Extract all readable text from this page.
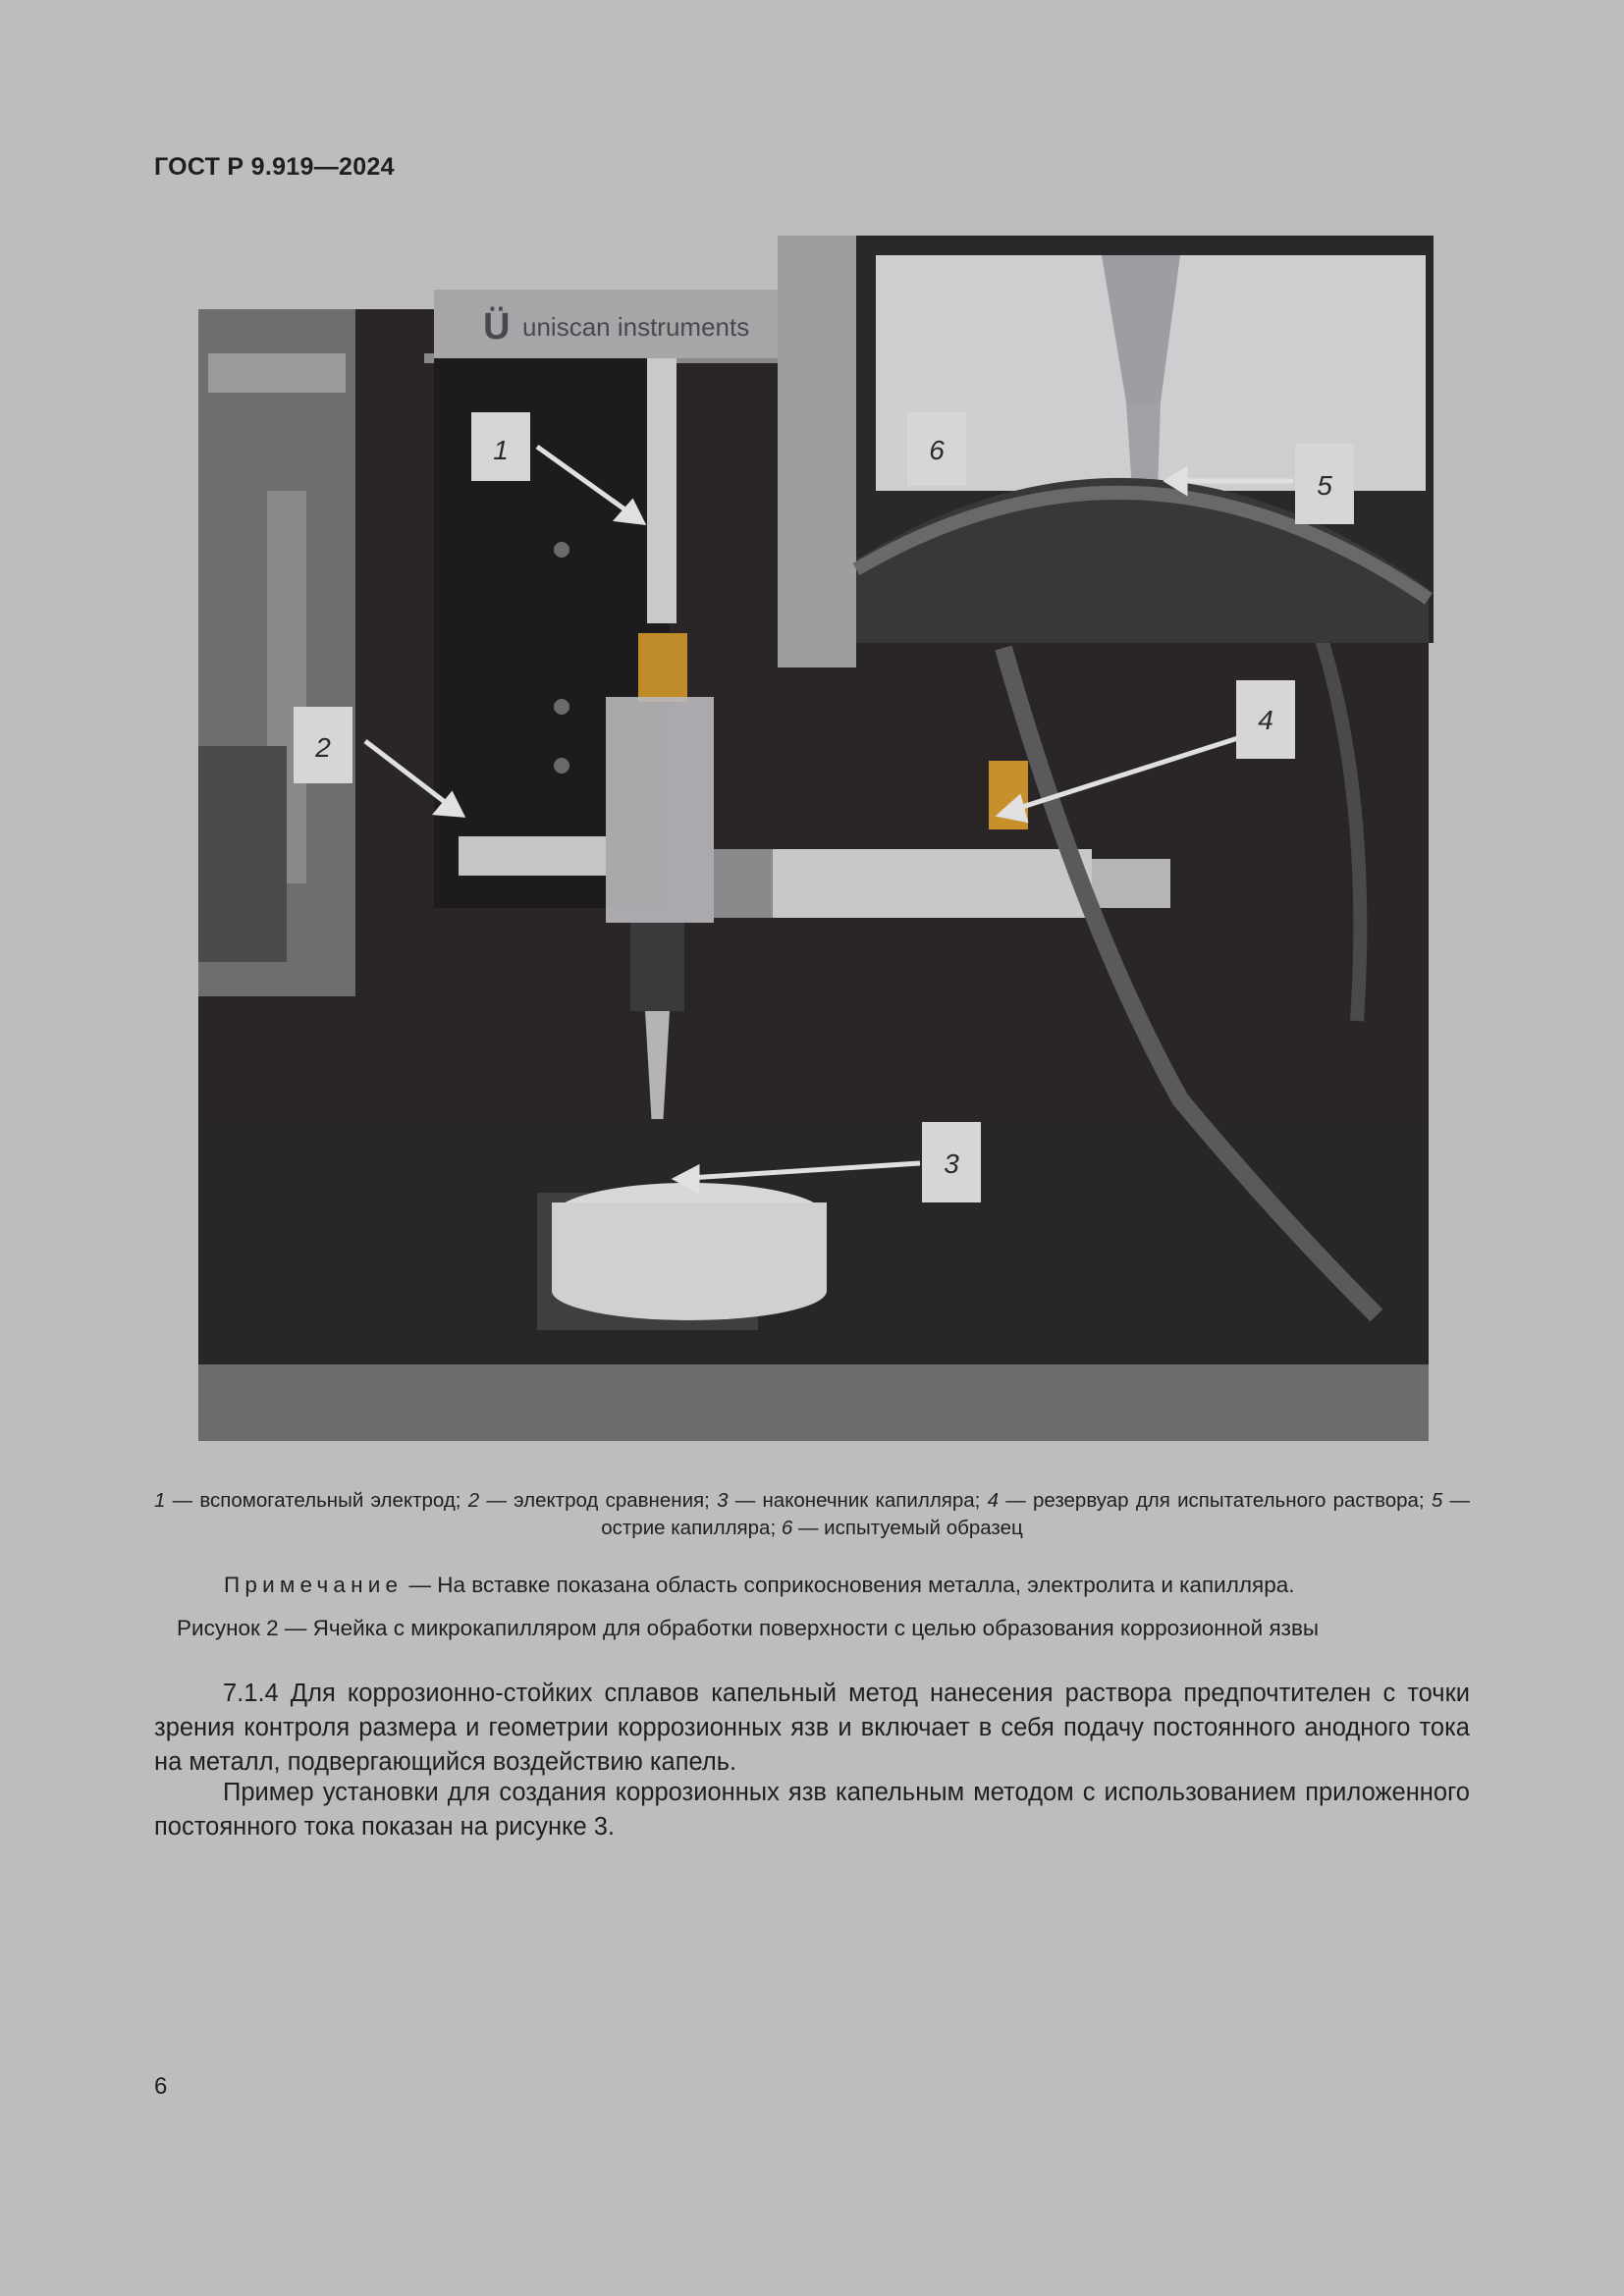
ГОСТ Р 9.919—2024
Ü uniscan instruments
1
2
3
4
5
6
1 — вспомогательный электрод; 2 — электрод сравнения; 3 — наконечник капилляра; 4 — резервуар для испытательного раствора; 5 — острие капилляра; 6 — испытуемый образец
Примечание — На вставке показана область соприкосновения металла, электролита и капилляра.
Рисунок 2 — Ячейка с микрокапилляром для обработки поверхности с целью образования коррозионной язвы

7.1.4 Для коррозионно-стойких сплавов капельный метод нанесения раствора предпочтителен с точки зрения контроля размера и геометрии коррозионных язв и включает в себя подачу постоянного анодного тока на металл, подвергающийся воздействию капель.

Пример установки для создания коррозионных язв капельным методом с использованием приложенного постоянного тока показан на рисунке 3.

6
